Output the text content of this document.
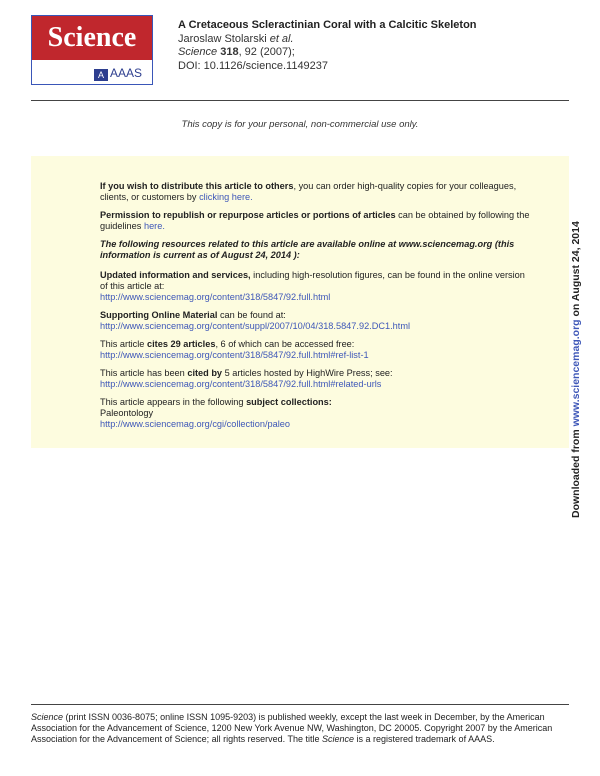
Science
A AAAS
A Cretaceous Scleractinian Coral with a Calcitic Skeleton
Jaroslaw Stolarski et al.
Science 318, 92 (2007);
DOI: 10.1126/science.1149237
This copy is for your personal, non-commercial use only.

If you wish to distribute this article to others, you can order high-quality copies for your colleagues, clients, or customers by clicking here.

Permission to republish or repurpose articles or portions of articles can be obtained by following the guidelines here.

The following resources related to this article are available online at www.sciencemag.org (this information is current as of August 24, 2014 ):

Updated information and services, including high-resolution figures, can be found in the online version of this article at:
http://www.sciencemag.org/content/318/5847/92.full.html

Supporting Online Material can be found at:
http://www.sciencemag.org/content/suppl/2007/10/04/318.5847.92.DC1.html

This article cites 29 articles, 6 of which can be accessed free:
http://www.sciencemag.org/content/318/5847/92.full.html#ref-list-1

This article has been cited by 5 articles hosted by HighWire Press; see:
http://www.sciencemag.org/content/318/5847/92.full.html#related-urls

This article appears in the following subject collections:
Paleontology
http://www.sciencemag.org/cgi/collection/paleo

Downloaded from www.sciencemag.org on August 24, 2014

Science (print ISSN 0036-8075; online ISSN 1095-9203) is published weekly, except the last week in December, by the American Association for the Advancement of Science, 1200 New York Avenue NW, Washington, DC 20005. Copyright 2007 by the American Association for the Advancement of Science; all rights reserved. The title Science is a registered trademark of AAAS.
